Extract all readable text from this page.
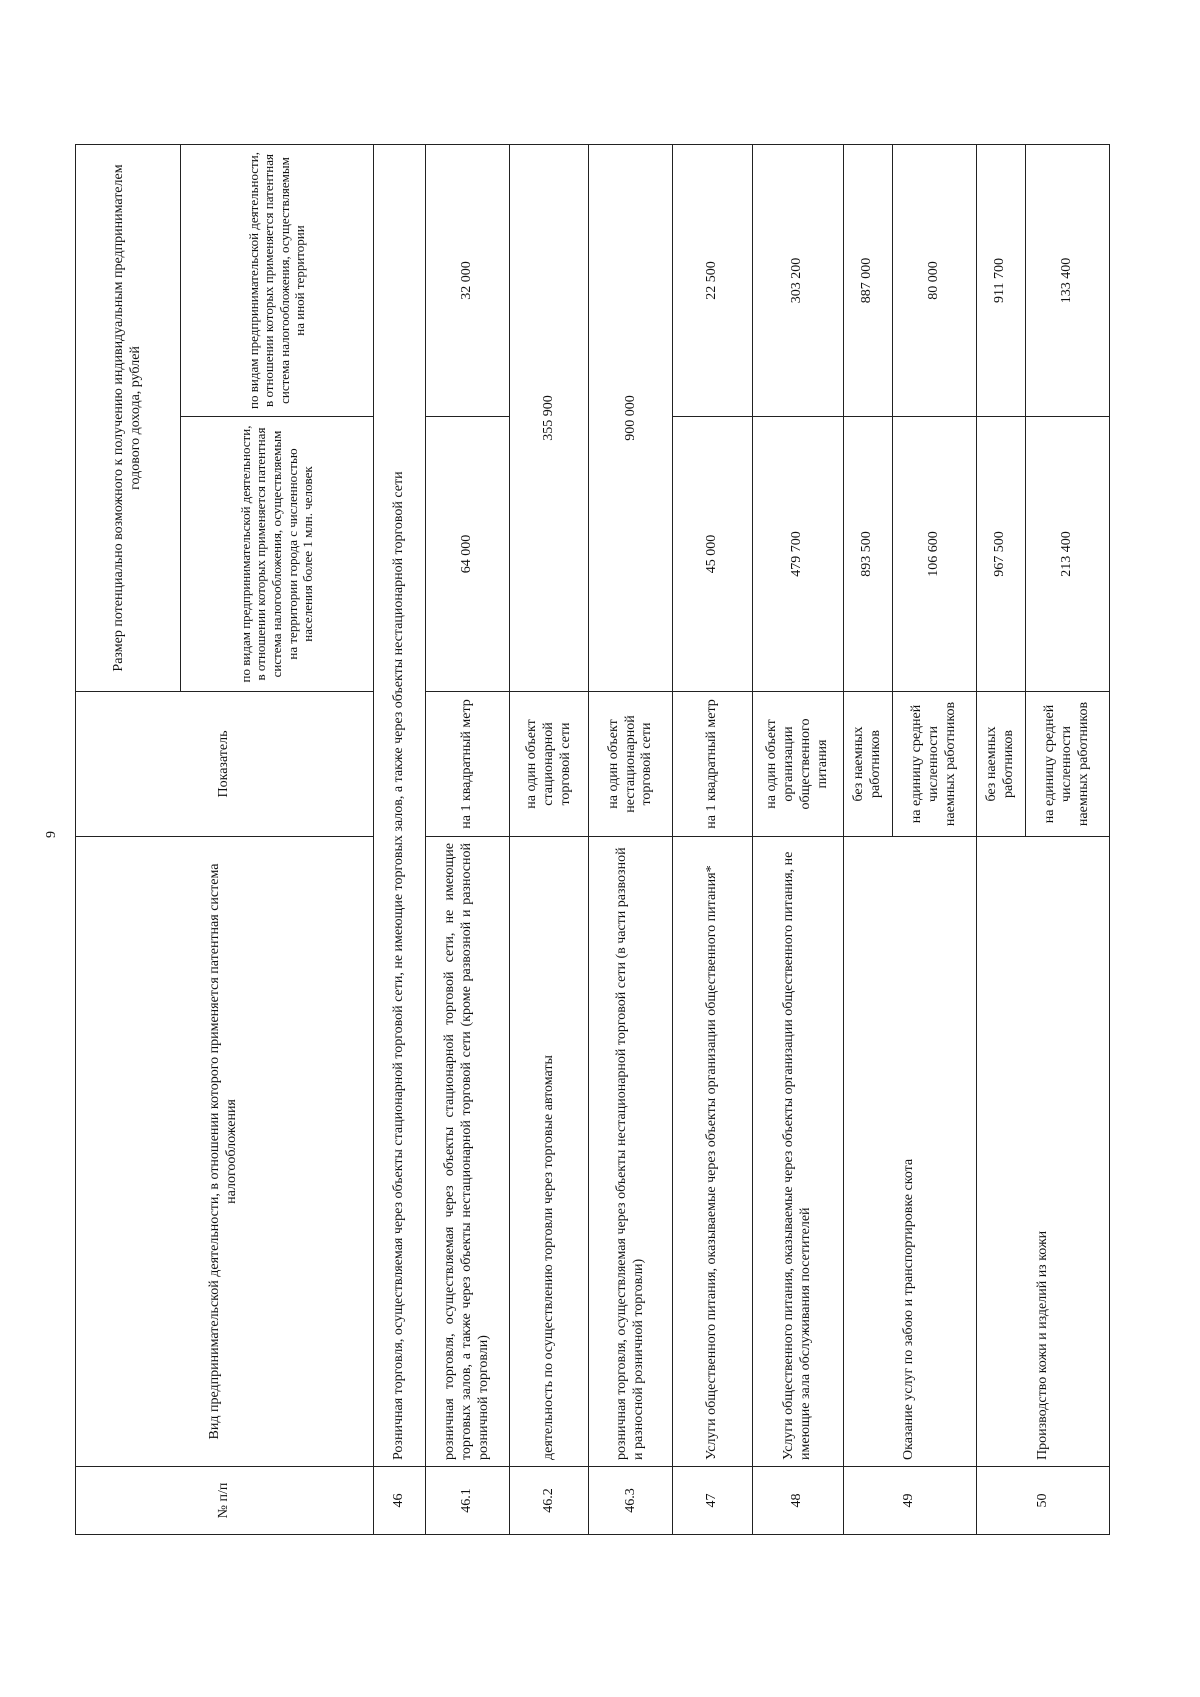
9
№ п/п	Вид предпринимательской деятельности, в отношении которого применяется патентная система налогообложения	Показатель	Размер потенциально возможного к получению индивидуальным предпринимателем годового дохода, рублей	
			по видам предпринимательской деятельности, в отношении которых применяется патентная система налогообложения, осуществляемым на территории города с численностью населения более 1 млн. человек	по видам предпринимательской деятельности, в отношении которых применяется патентная система налогообложения, осуществляемым на иной территории
46	Розничная торговля, осуществляемая через объекты стационарной торговой сети, не имеющие торговых залов, а также через объекты нестационарной торговой сети			
46.1	розничная торговля, осуществляемая через объекты стационарной торговой сети, не имеющие торговых залов, а также через объекты нестационарной торговой сети (кроме развозной и разносной розничной торговли)	на 1 квадратный метр	64 000	32 000
46.2	деятельность по осуществлению торговли через торговые автоматы	на один объект стационарной торговой сети	355 900	
46.3	розничная торговля, осуществляемая через объекты нестационарной торговой сети (в части развозной и разносной розничной торговли)	на один объект нестационарной торговой сети	900 000	
47	Услуги общественного питания, оказываемые через объекты организации общественного питания*	на 1 квадратный метр	45 000	22 500
48	Услуги общественного питания, оказываемые через объекты организации общественного питания, не имеющие зала обслуживания посетителей	на один объект организации общественного питания	479 700	303 200
49	Оказание услуг по забою и транспортировке скота	без наемных работников	893 500	887 000
		на единицу средней численности наемных работников	106 600	80 000
50	Производство кожи и изделий из кожи	без наемных работников	967 500	911 700
		на единицу средней численности наемных работников	213 400	133 400
